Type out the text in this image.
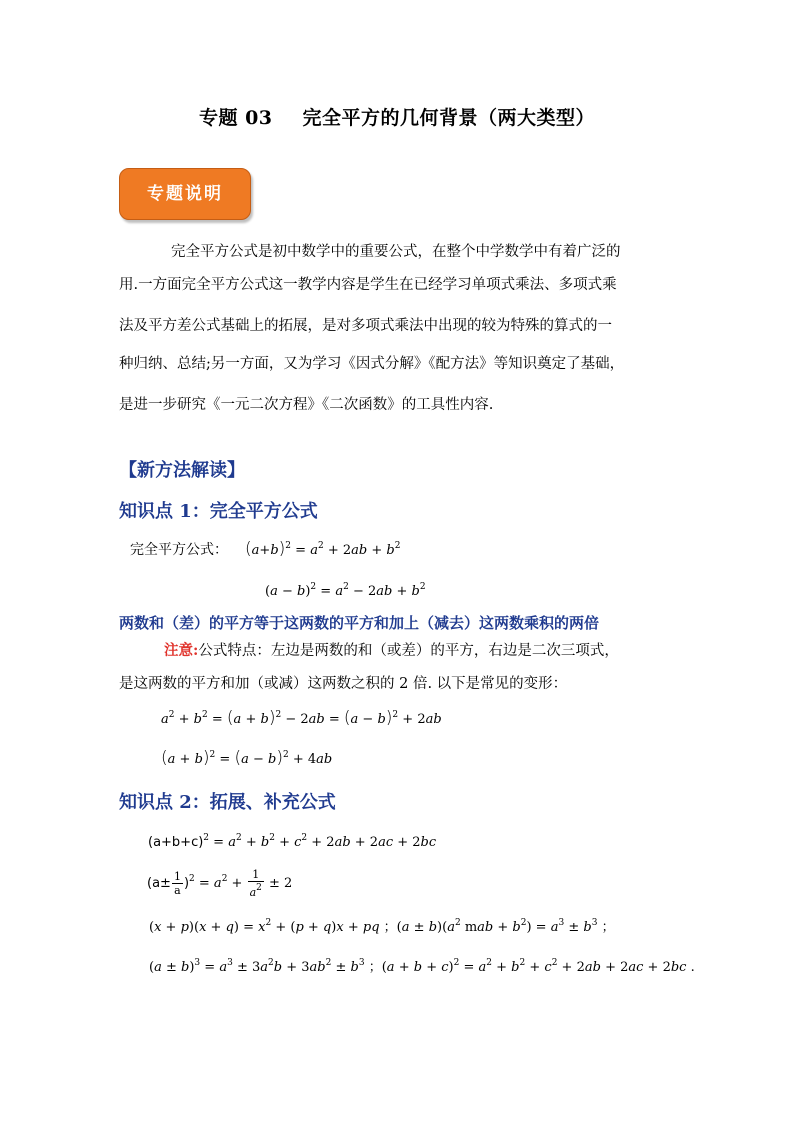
专题 03 完全平方的几何背景（两大类型）
专题说明
完全平方公式是初中数学中的重要公式，在整个中学数学中有着广泛的
用.一方面完全平方公式这一教学内容是学生在已经学习单项式乘法、多项式乘
法及平方差公式基础上的拓展，是对多项式乘法中出现的较为特殊的算式的一
种归纳、总结;另一方面，又为学习《因式分解》《配方法》等知识奠定了基础，
是进一步研究《一元二次方程》《二次函数》的工具性内容.
【新方法解读】
知识点 1：完全平方公式
完全平方公式： $(a+b)^2 = a^2 + 2ab + b^2$
$(a - b)^2 = a^2 - 2ab + b^2$
两数和（差）的平方等于这两数的平方和加上（减去）这两数乘积的两倍
注意:公式特点：左边是两数的和（或差）的平方，右边是二次三项式，
是这两数的平方和加（或减）这两数之积的 2 倍. 以下是常见的变形：
$a^2 + b^2 = (a + b)^2 - 2ab = (a - b)^2 + 2ab$
$(a + b)^2 = (a - b)^2 + 4ab$
知识点 2：拓展、补充公式
$(a+b+c)^2 = a^2 + b^2 + c^2 + 2ab + 2ac + 2bc$
$(a\pm \frac{1}{a} )^2 = a^2 + \frac{1}{a^2} \pm 2$
$(x + p)(x + q) = x^2 + (p + q)x$ + pq ；$(a \pm b)(a^2$ mab + $b^2) = a^3 \pm b^3$ ；
$(a \pm b)^3 = a^3 \pm 3a^2b + 3ab^2 \pm b^3$ ；$(a + b + c)^2 = a^2 + b^2 + c^2 + 2ab + 2ac + 2bc$ .
